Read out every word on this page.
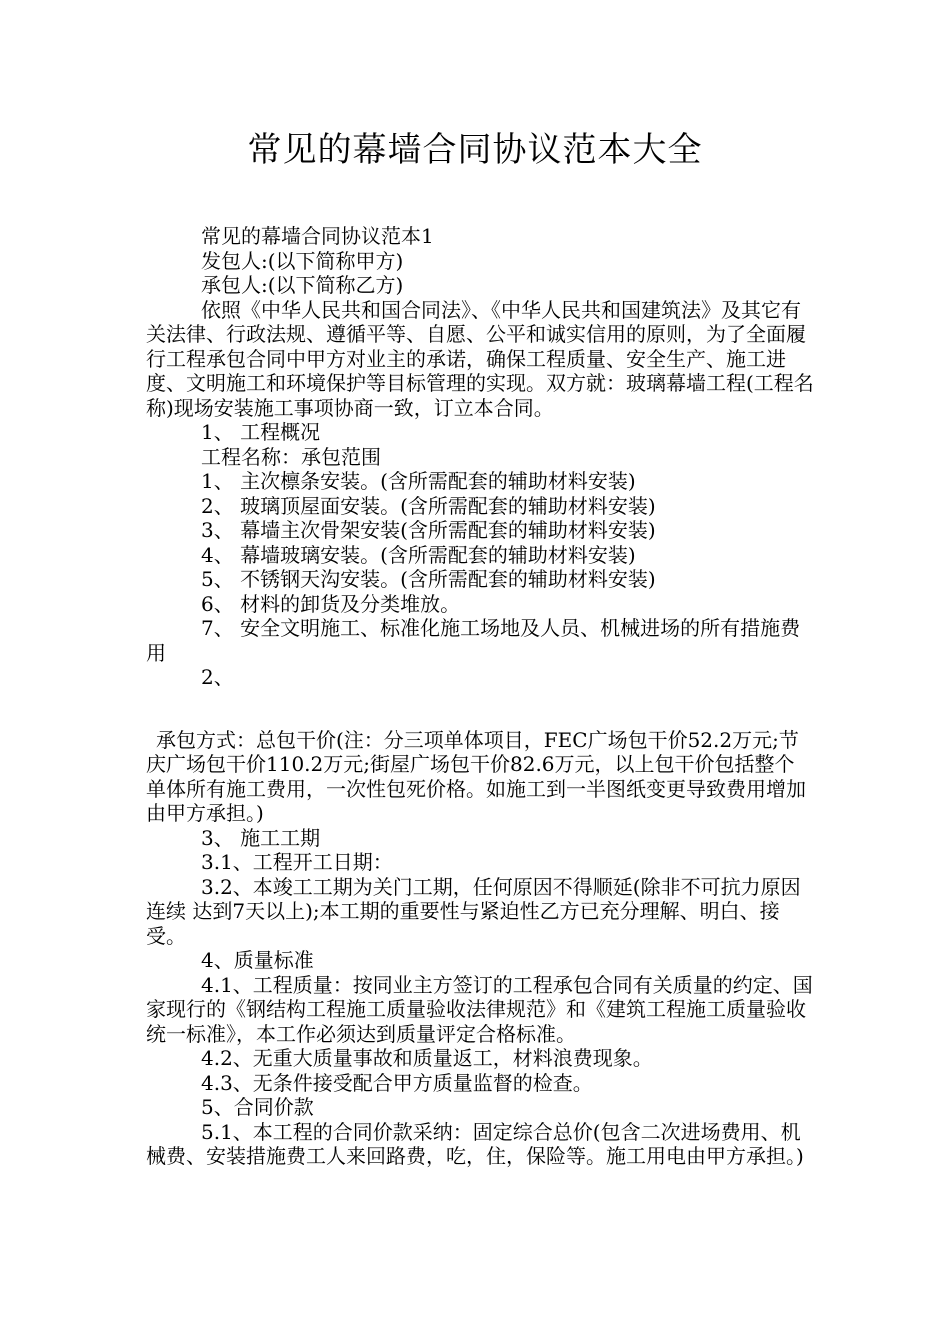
常见的幕墙合同协议范本大全

常见的幕墙合同协议范本1

发包人:(以下简称甲方)

承包人:(以下简称乙方)

依照《中华人民共和国合同法》、《中华人民共和国建筑法》及其它有关法律、行政法规、遵循平等、自愿、公平和诚实信用的原则，为了全面履行工程承包合同中甲方对业主的承诺，确保工程质量、安全生产、施工进度、文明施工和环境保护等目标管理的实现。双方就：玻璃幕墙工程(工程名称)现场安装施工事项协商一致，订立本合同。

1、 工程概况

工程名称：承包范围

1、 主次檩条安装。(含所需配套的辅助材料安装)

2、 玻璃顶屋面安装。(含所需配套的辅助材料安装)

3、 幕墙主次骨架安装(含所需配套的辅助材料安装)

4、 幕墙玻璃安装。(含所需配套的辅助材料安装)

5、 不锈钢天沟安装。(含所需配套的辅助材料安装)

6、 材料的卸货及分类堆放。

7、 安全文明施工、标准化施工场地及人员、机械进场的所有措施费用

2、

承包方式：总包干价(注：分三项单体项目，FEC广场包干价52.2万元;节庆广场包干价110.2万元;街屋广场包干价82.6万元，以上包干价包括整个单体所有施工费用，一次性包死价格。如施工到一半图纸变更导致费用增加由甲方承担。)

3、 施工工期

3.1、工程开工日期：

3.2、本竣工工期为关门工期，任何原因不得顺延(除非不可抗力原因连续 达到7天以上);本工期的重要性与紧迫性乙方已充分理解、明白、接受。

4、质量标准

4.1、工程质量：按同业主方签订的工程承包合同有关质量的约定、国家现行的《钢结构工程施工质量验收法律规范》和《建筑工程施工质量验收统一标准》，本工作必须达到质量评定合格标准。

4.2、无重大质量事故和质量返工，材料浪费现象。

4.3、无条件接受配合甲方质量监督的检查。

5、合同价款

5.1、本工程的合同价款采纳：固定综合总价(包含二次进场费用、机械费、安装措施费工人来回路费，吃，住，保险等。施工用电由甲方承担。)
